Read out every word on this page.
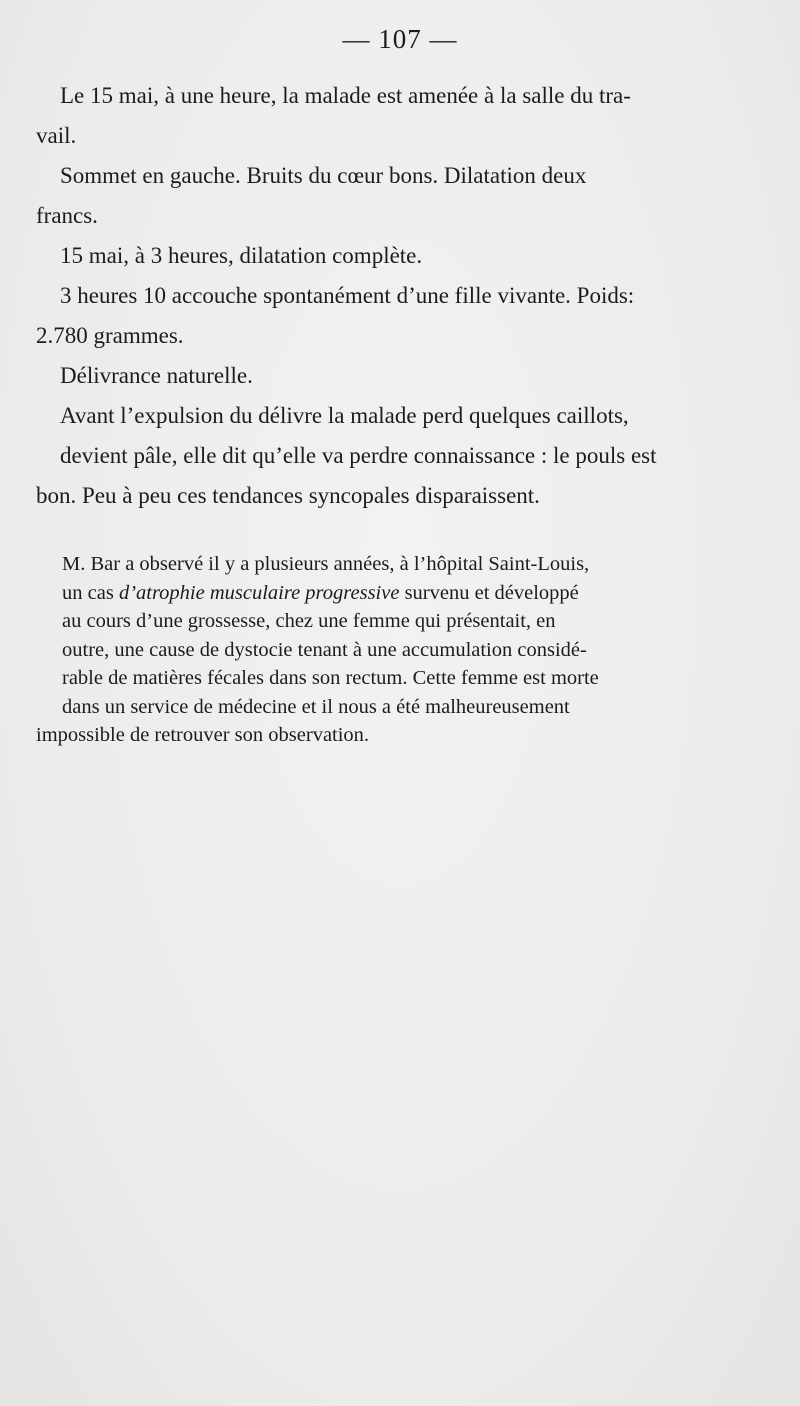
— 107 —

Le 15 mai, à une heure, la malade est amenée à la salle du tra-
vail.

Sommet en gauche. Bruits du cœur bons. Dilatation deux
francs.

15 mai, à 3 heures, dilatation complète.

3 heures 10 accouche spontanément d’une fille vivante. Poids:
2.780 grammes.

Délivrance naturelle.

Avant l’expulsion du délivre la malade perd quelques caillots,
devient pâle, elle dit qu’elle va perdre connaissance : le pouls est
bon. Peu à peu ces tendances syncopales disparaissent.

M. Bar a observé il y a plusieurs années, à l’hôpital Saint-Louis,
un cas d’atrophie musculaire progressive survenu et développé
au cours d’une grossesse, chez une femme qui présentait, en
outre, une cause de dystocie tenant à une accumulation considé-
rable de matières fécales dans son rectum. Cette femme est morte
dans un service de médecine et il nous a été malheureusement
impossible de retrouver son observation.
